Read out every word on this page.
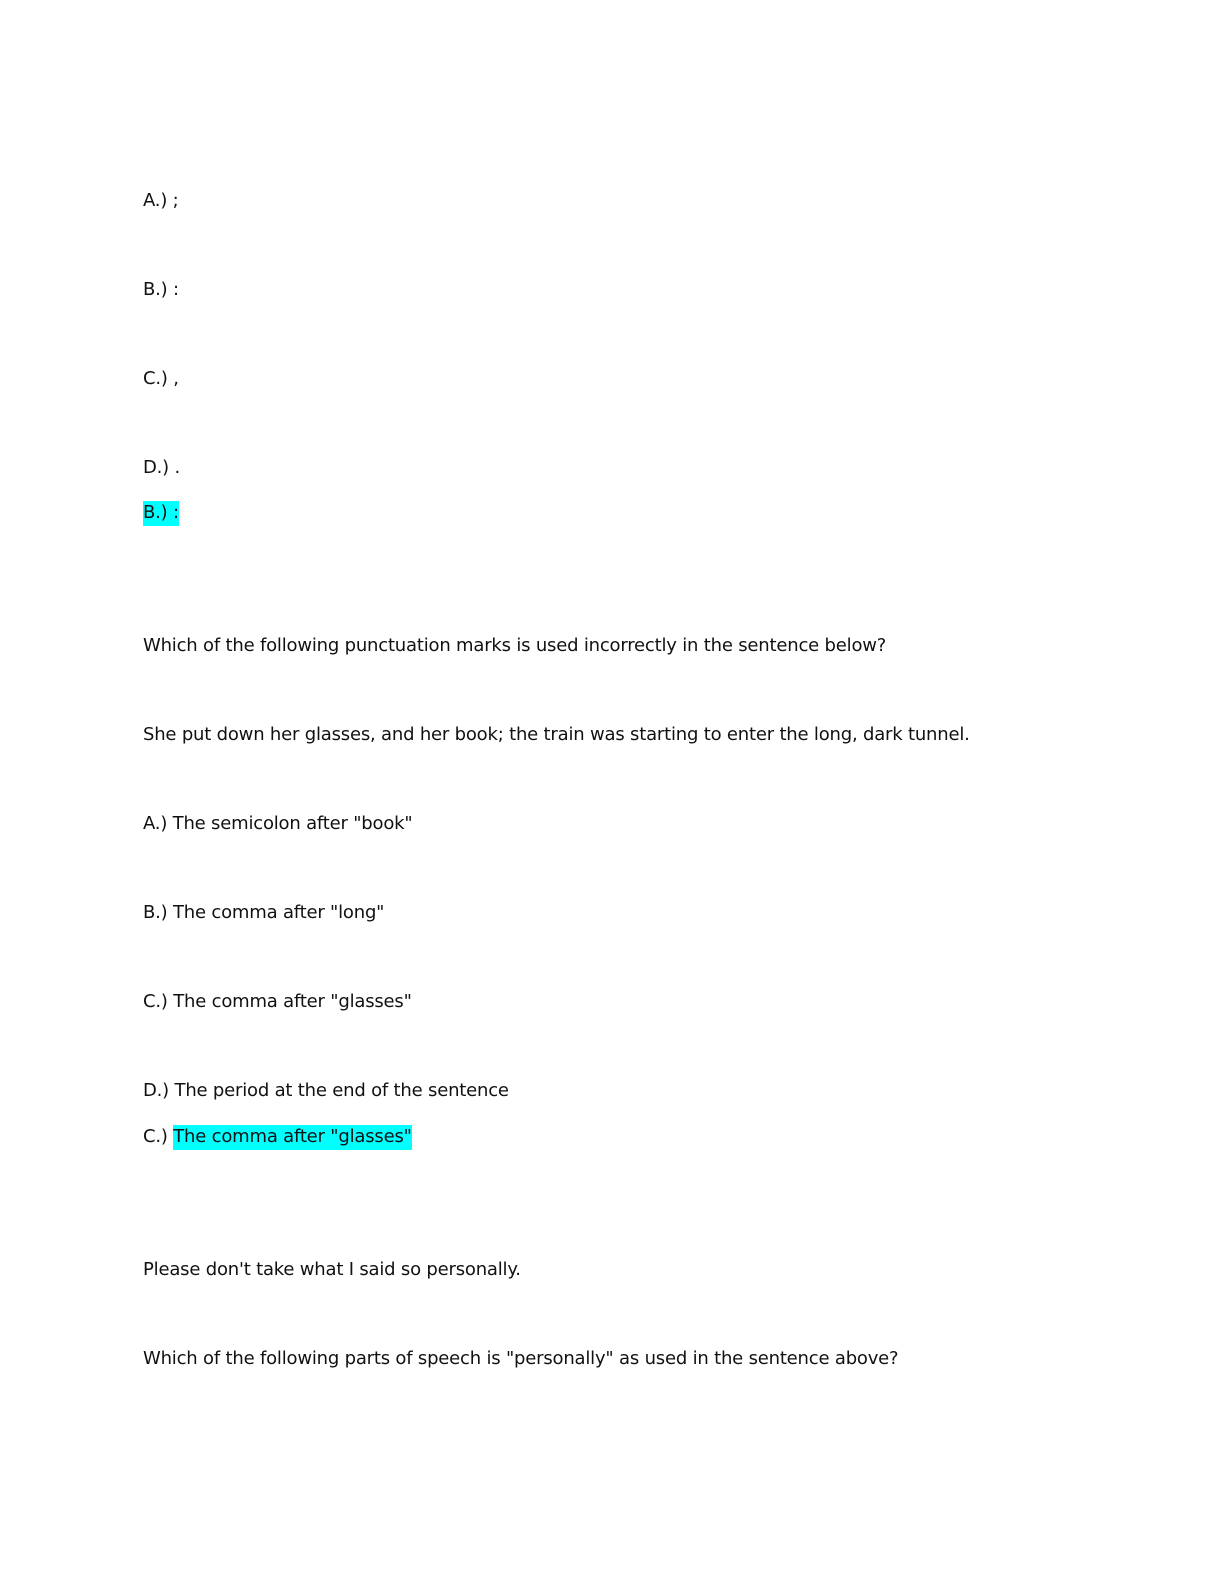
A.) ;
B.) :
C.) ,
D.) .
B.) :
Which of the following punctuation marks is used incorrectly in the sentence below?
She put down her glasses, and her book; the train was starting to enter the long, dark tunnel.
A.) The semicolon after "book"
B.) The comma after "long"
C.) The comma after "glasses"
D.) The period at the end of the sentence
C.) The comma after "glasses"
Please don't take what I said so personally.
Which of the following parts of speech is "personally" as used in the sentence above?
